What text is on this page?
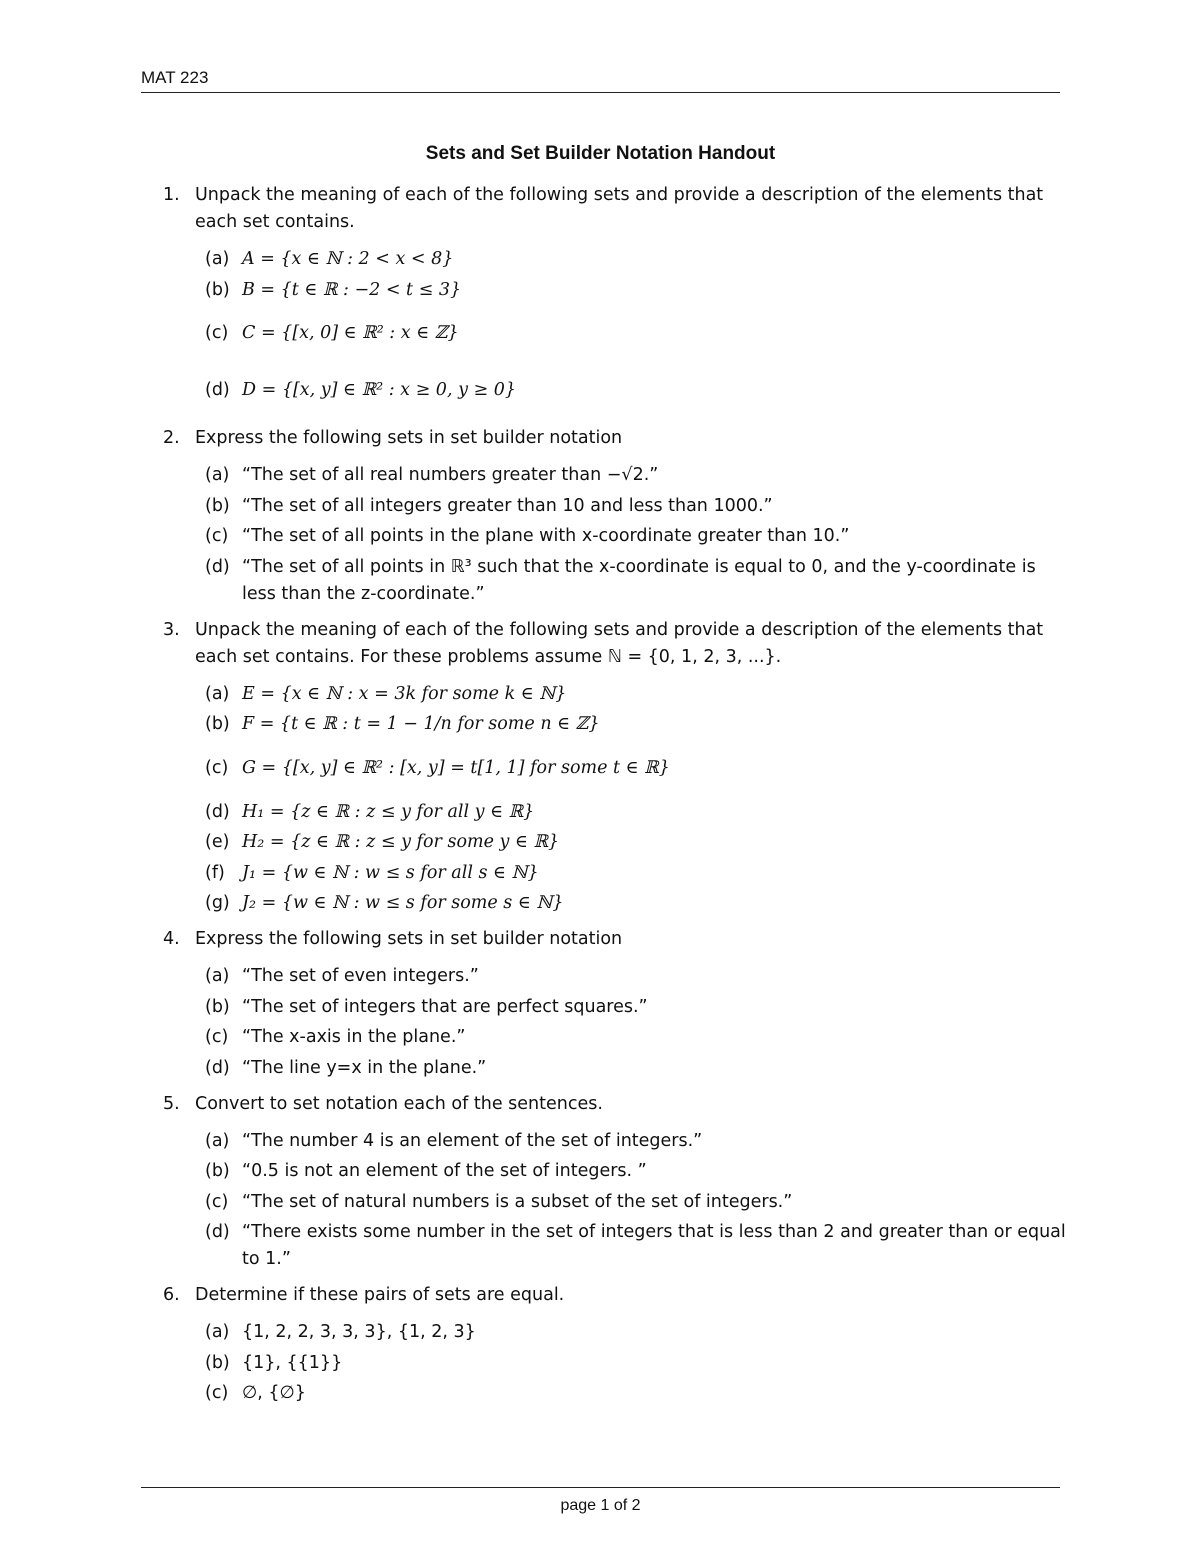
MAT 223
Sets and Set Builder Notation Handout
1. Unpack the meaning of each of the following sets and provide a description of the elements that each set contains.
(a) A = {x ∈ ℕ : 2 < x < 8}
(b) B = {t ∈ ℝ : −2 < t ≤ 3}
(c) C = {[x, 0] ∈ ℝ² : x ∈ ℤ}
(d) D = {[x, y] ∈ ℝ² : x ≥ 0, y ≥ 0}
2. Express the following sets in set builder notation
(a) “The set of all real numbers greater than −√2.”
(b) “The set of all integers greater than 10 and less than 1000.”
(c) “The set of all points in the plane with x-coordinate greater than 10.”
(d) “The set of all points in ℝ³ such that the x-coordinate is equal to 0, and the y-coordinate is less than the z-coordinate.”
3. Unpack the meaning of each of the following sets and provide a description of the elements that each set contains. For these problems assume ℕ = {0, 1, 2, 3, ...}.
(a) E = {x ∈ ℕ : x = 3k for some k ∈ ℕ}
(b) F = {t ∈ ℝ : t = 1 − 1/n for some n ∈ ℤ}
(c) G = {[x, y] ∈ ℝ² : [x, y] = t[1, 1] for some t ∈ ℝ}
(d) H₁ = {z ∈ ℝ : z ≤ y for all y ∈ ℝ}
(e) H₂ = {z ∈ ℝ : z ≤ y for some y ∈ ℝ}
(f) J₁ = {w ∈ ℕ : w ≤ s for all s ∈ ℕ}
(g) J₂ = {w ∈ ℕ : w ≤ s for some s ∈ ℕ}
4. Express the following sets in set builder notation
(a) “The set of even integers.”
(b) “The set of integers that are perfect squares.”
(c) “The x-axis in the plane.”
(d) “The line y=x in the plane.”
5. Convert to set notation each of the sentences.
(a) “The number 4 is an element of the set of integers.”
(b) “0.5 is not an element of the set of integers. ”
(c) “The set of natural numbers is a subset of the set of integers.”
(d) “There exists some number in the set of integers that is less than 2 and greater than or equal to 1.”
6. Determine if these pairs of sets are equal.
(a) {1, 2, 2, 3, 3, 3}, {1, 2, 3}
(b) {1}, {{1}}
(c) ∅, {∅}
page 1 of 2
